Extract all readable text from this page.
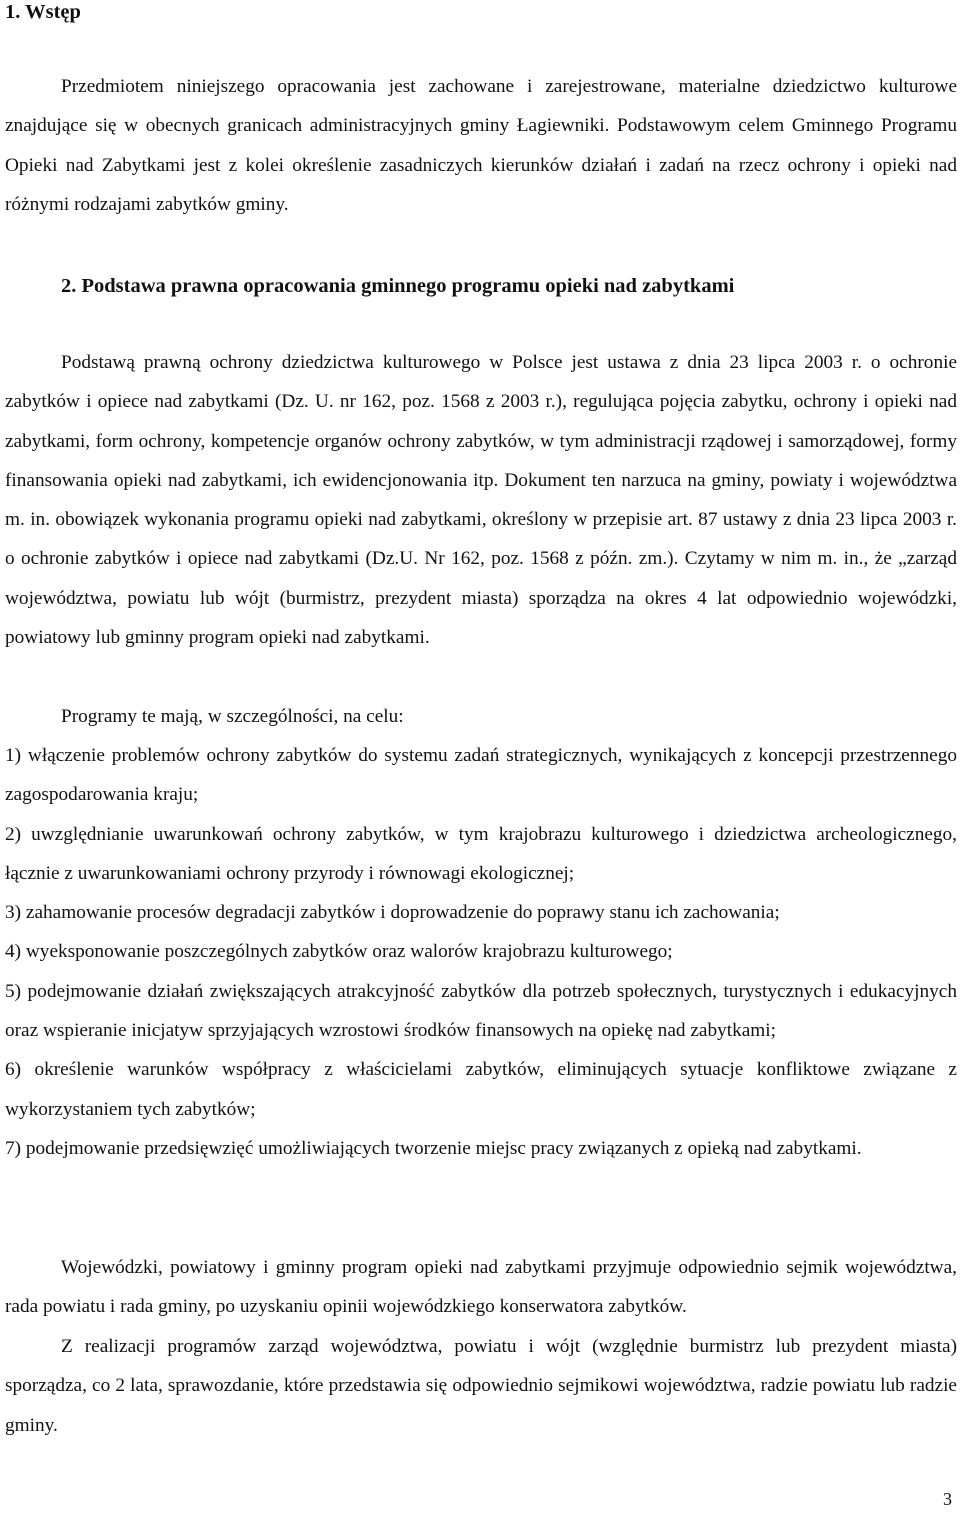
1. Wstęp

Przedmiotem niniejszego opracowania jest zachowane i zarejestrowane, materialne dziedzictwo kulturowe znajdujące się w obecnych granicach administracyjnych gminy Łagiewniki. Podstawowym celem Gminnego Programu Opieki nad Zabytkami jest z kolei określenie zasadniczych kierunków działań i zadań na rzecz ochrony i opieki nad różnymi rodzajami zabytków gminy.

2. Podstawa prawna opracowania gminnego programu opieki nad zabytkami

Podstawą prawną ochrony dziedzictwa kulturowego w Polsce jest ustawa z dnia 23 lipca 2003 r. o ochronie zabytków i opiece nad zabytkami (Dz. U. nr 162, poz. 1568 z 2003 r.), regulująca pojęcia zabytku, ochrony i opieki nad zabytkami, form ochrony, kompetencje organów ochrony zabytków, w tym administracji rządowej i samorządowej, formy finansowania opieki nad zabytkami, ich ewidencjonowania itp. Dokument ten narzuca na gminy, powiaty i województwa m. in. obowiązek wykonania programu opieki nad zabytkami, określony w przepisie art. 87 ustawy z dnia 23 lipca 2003 r. o ochronie zabytków i opiece nad zabytkami (Dz.U. Nr 162, poz. 1568 z późn. zm.). Czytamy w nim m. in., że „zarząd województwa, powiatu lub wójt (burmistrz, prezydent miasta) sporządza na okres 4 lat odpowiednio wojewódzki, powiatowy lub gminny program opieki nad zabytkami.

Programy te mają, w szczególności, na celu:

1) włączenie problemów ochrony zabytków do systemu zadań strategicznych, wynikających z koncepcji przestrzennego zagospodarowania kraju;
2) uwzględnianie uwarunkowań ochrony zabytków, w tym krajobrazu kulturowego i dziedzictwa archeologicznego, łącznie z uwarunkowaniami ochrony przyrody i równowagi ekologicznej;
3) zahamowanie procesów degradacji zabytków i doprowadzenie do poprawy stanu ich zachowania;
4) wyeksponowanie poszczególnych zabytków oraz walorów krajobrazu kulturowego;
5) podejmowanie działań zwiększających atrakcyjność zabytków dla potrzeb społecznych, turystycznych i edukacyjnych oraz wspieranie inicjatyw sprzyjających wzrostowi środków finansowych na opiekę nad zabytkami;
6) określenie warunków współpracy z właścicielami zabytków, eliminujących sytuacje konfliktowe związane z wykorzystaniem tych zabytków;
7) podejmowanie przedsięwzięć umożliwiających tworzenie miejsc pracy związanych z opieką nad zabytkami.

Wojewódzki, powiatowy i gminny program opieki nad zabytkami przyjmuje odpowiednio sejmik województwa, rada powiatu i rada gminy, po uzyskaniu opinii wojewódzkiego konserwatora zabytków.

Z realizacji programów zarząd województwa, powiatu i wójt (względnie burmistrz lub prezydent miasta) sporządza, co 2 lata, sprawozdanie, które przedstawia się odpowiednio sejmikowi województwa, radzie powiatu lub radzie gminy.

3
